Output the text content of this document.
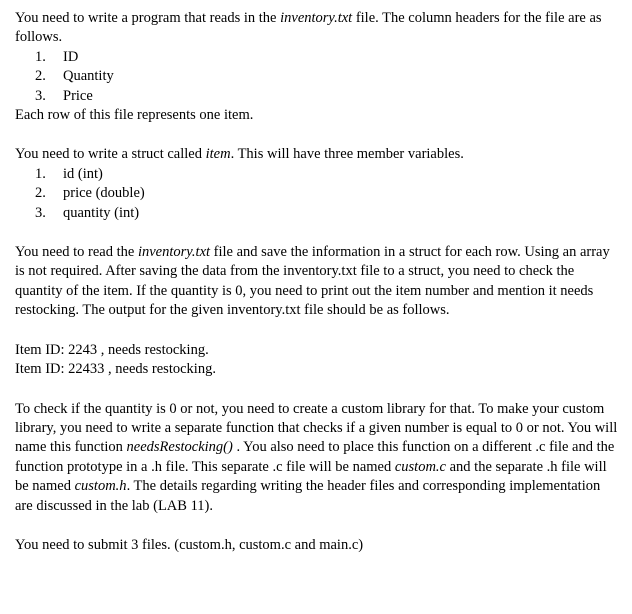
You need to write a program that reads in the inventory.txt file. The column headers for the file are as follows.

1.	ID
2.	Quantity
3.	Price

Each row of this file represents one item.

You need to write a struct called item. This will have three member variables.

1.	id (int)
2.	price (double)
3.	quantity (int)

You need to read the inventory.txt file and save the information in a struct for each row. Using an array is not required. After saving the data from the inventory.txt file to a struct, you need to check the quantity of the item. If the quantity is 0, you need to print out the item number and mention it needs restocking. The output for the given inventory.txt file should be as follows.

Item ID: 2243 , needs restocking.

Item ID: 22433 , needs restocking.

To check if the quantity is 0 or not, you need to create a custom library for that. To make your custom library, you need to write a separate function that checks if a given number is equal to 0 or not. You will name this function needsRestocking() . You also need to place this function on a different .c file and the function prototype in a .h file. This separate .c file will be named custom.c and the separate .h file will be named custom.h. The details regarding writing the header files and corresponding implementation are discussed in the lab (LAB 11).

You need to submit 3 files. (custom.h, custom.c and main.c)
